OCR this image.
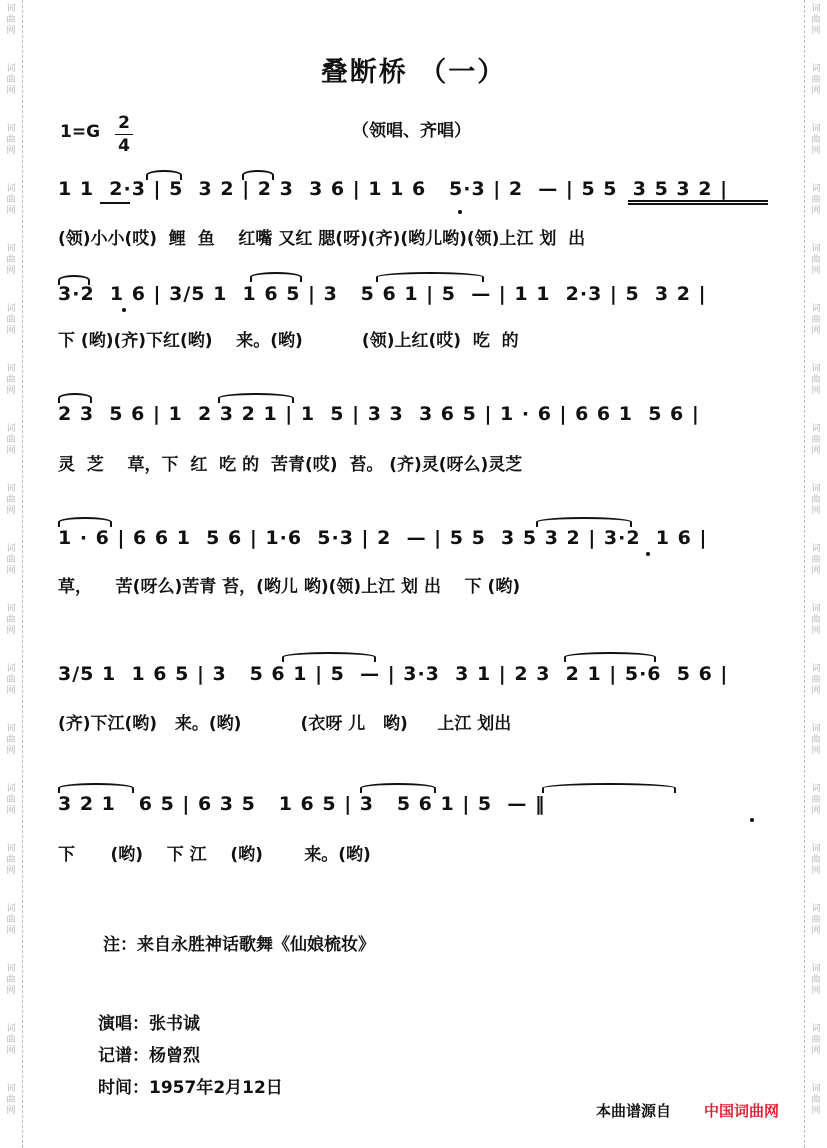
词
曲
网
词
曲
网
词
曲
网
词
曲
网
词
曲
网
词
曲
网
词
曲
网
词
曲
网
词
曲
网
词
曲
网
词
曲
网
词
曲
网
词
曲
网
词
曲
网
词
曲
网
词
曲
网
词
曲
网
词
曲
网
词
曲
网
词
曲
网
词
曲
网
词
曲
网
词
曲
网
词
曲
网
词
曲
网
词
曲
网
词
曲
网
词
曲
网
词
曲
网
词
曲
网
词
曲
网
词
曲
网
词
曲
网
词
曲
网
词
曲
网
词
曲
网
词
曲
网
词
曲
网
叠断桥 （一）
1=G 2
4
（领唱、齐唱）
1 1  2·3 | 5  3 2 | 2 3  3 6 | 1 1 6   5·3 | 2  — | 5 5  3 5 3 2 |
(领)小小(哎)  鲤  鱼    红嘴 又红 腮(呀)(齐)(哟儿哟)(领)上江 划  出
3·2  1 6 | 3/5 1  1 6 5 | 3   5 6 1 | 5  — | 1 1  2·3 | 5  3 2 |
下 (哟)(齐)下红(哟)    来。(哟)          (领)上红(哎)  吃  的
2 3  5 6 | 1  2 3 2 1 | 1  5 | 3 3  3 6 5 | 1 · 6 | 6 6 1  5 6 |
灵  芝    草，下  红  吃 的  苦青(哎)  苔。 (齐)灵(呀么)灵芝
1 · 6 | 6 6 1  5 6 | 1·6  5·3 | 2  — | 5 5  3 5 3 2 | 3·2  1 6 |
草，    苦(呀么)苦青 苔，(哟儿 哟)(领)上江 划 出    下 (哟)
3/5 1  1 6 5 | 3   5 6 1 | 5  — | 3·3  3 1 | 2 3  2 1 | 5·6  5 6 |
(齐)下江(哟)   来。(哟)          (衣呀 儿   哟)     上江 划出
3 2 1   6 5 | 6 3 5   1 6 5 | 3   5 6 1 | 5  — ‖
下      (哟)    下 江    (哟)       来。(哟)
注：来自永胜神话歌舞《仙娘梳妆》
演唱：张书诚
记谱：杨曾烈
时间：1957年2月12日
本曲谱源自 中国词曲网
